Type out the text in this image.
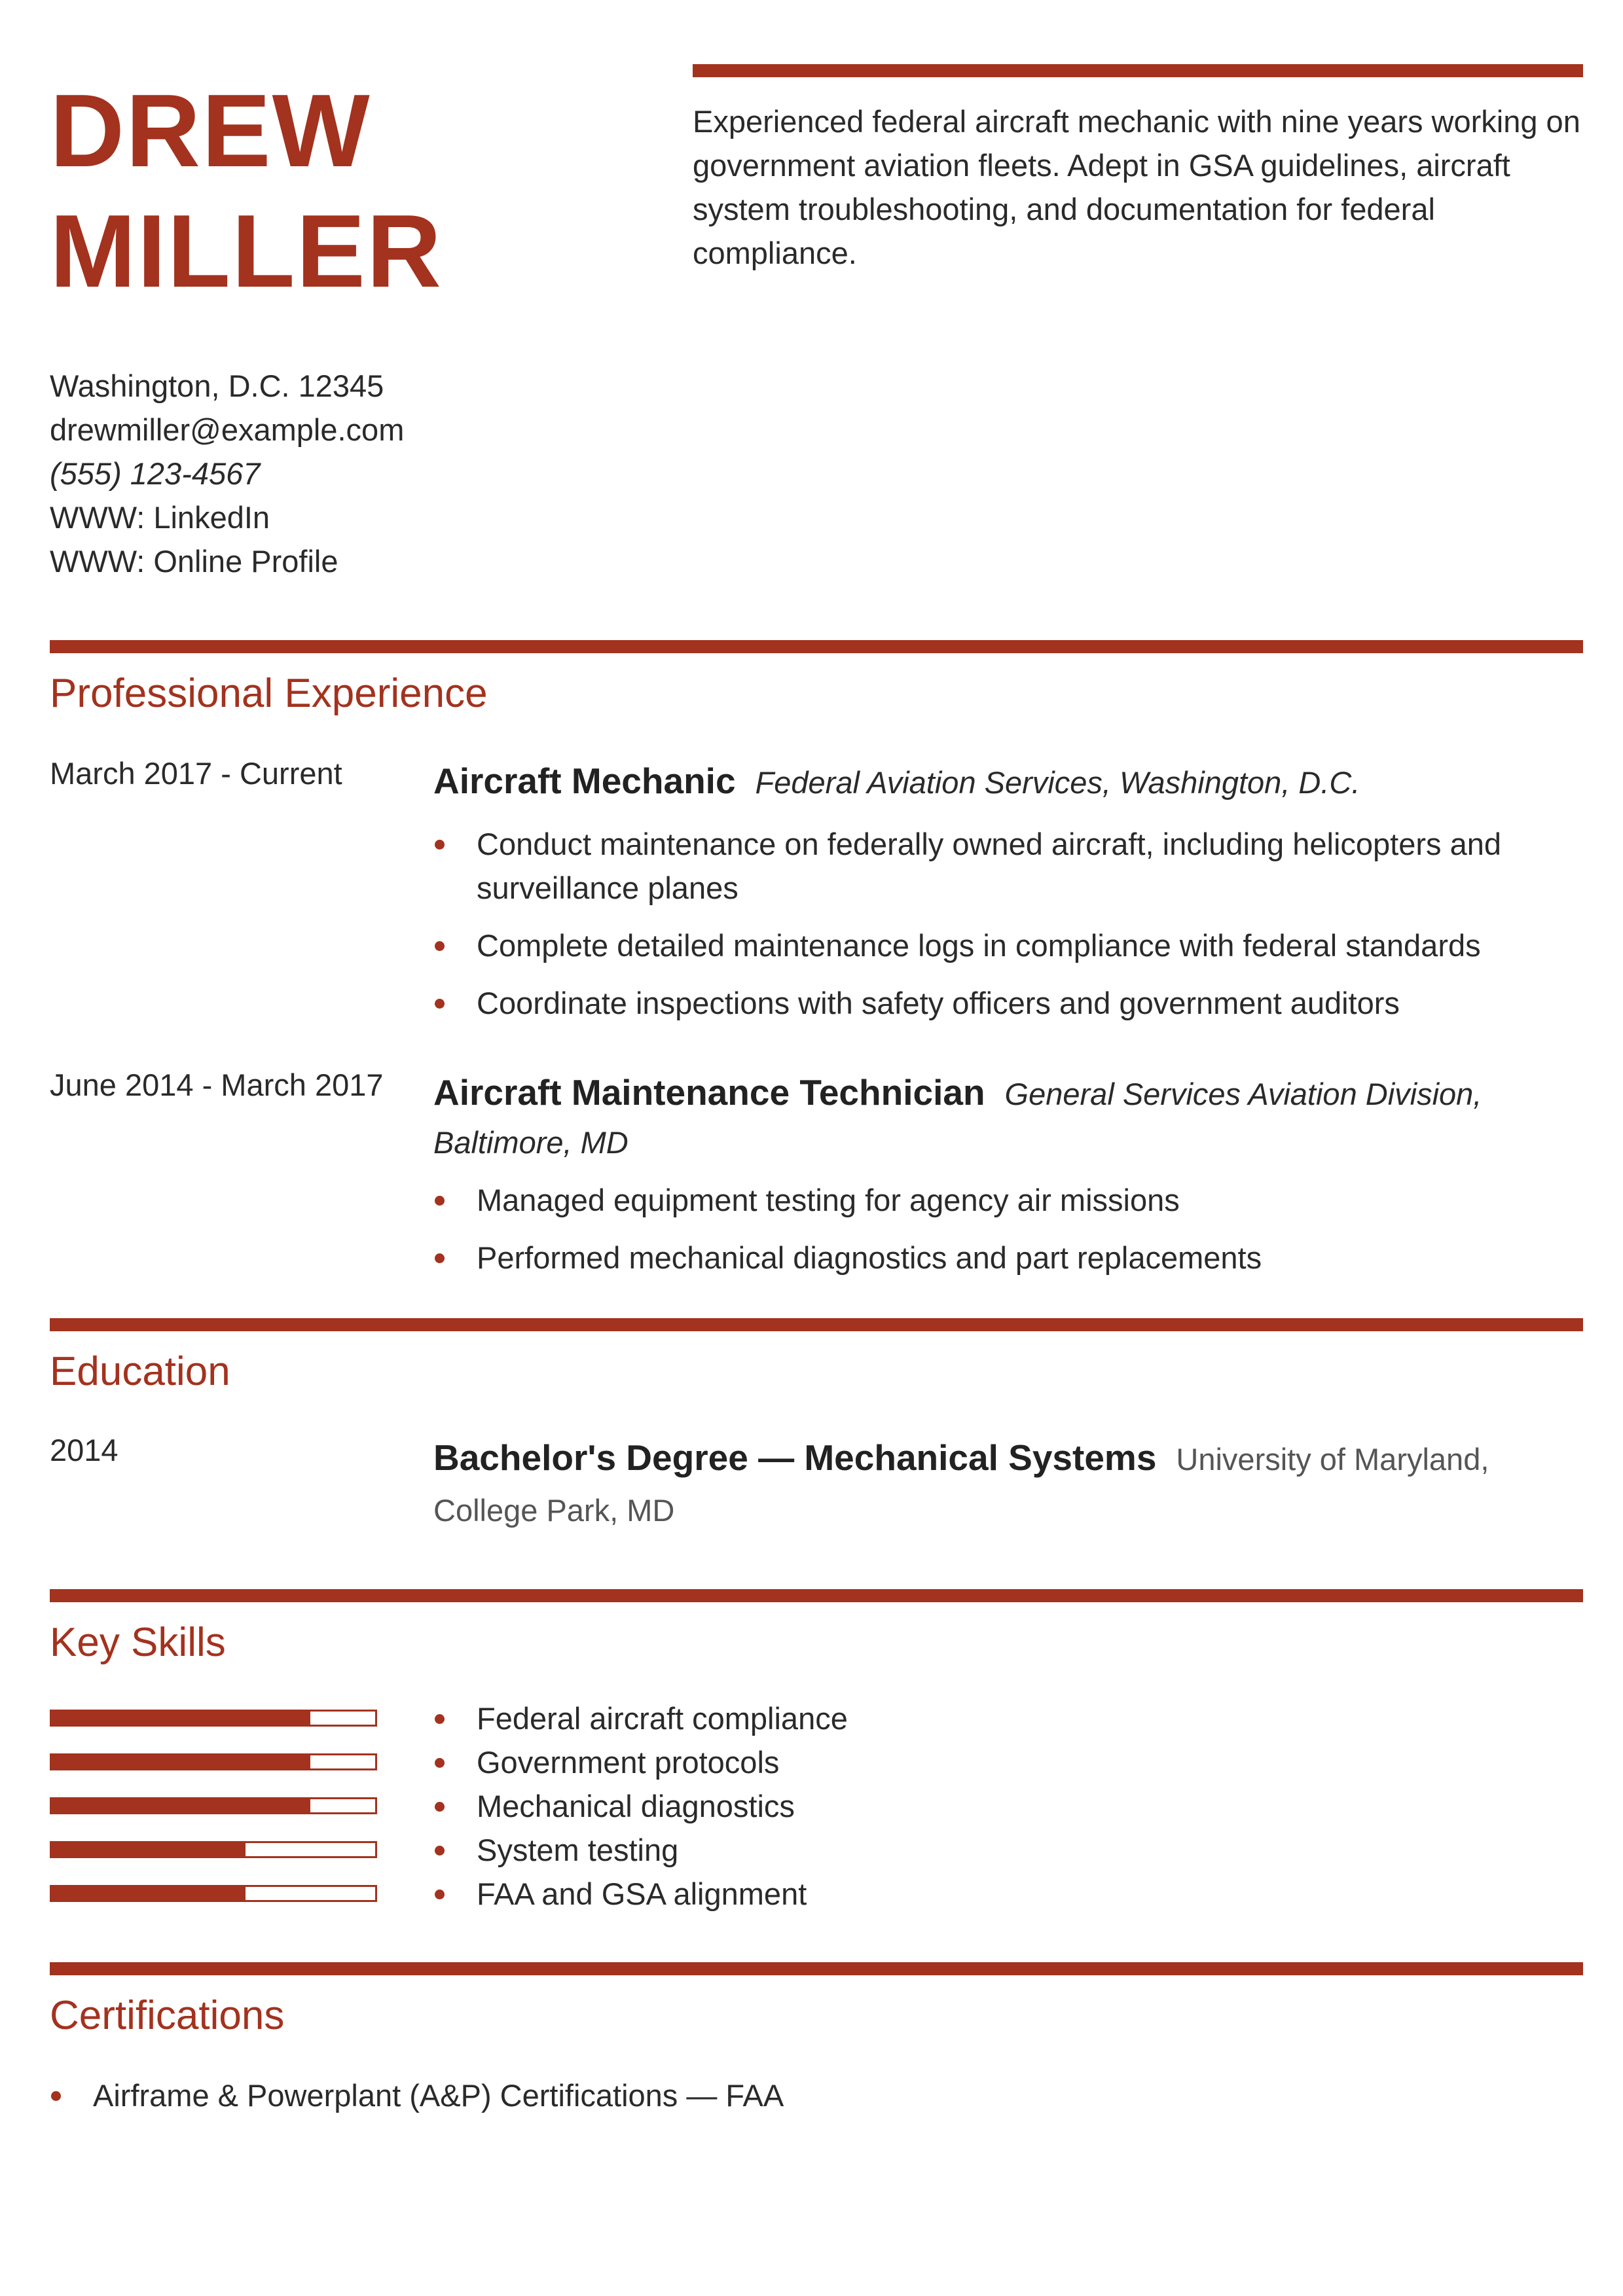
DREW
MILLER
Experienced federal aircraft mechanic with nine years working on government aviation fleets. Adept in GSA guidelines, aircraft system troubleshooting, and documentation for federal compliance.
Washington, D.C. 12345
drewmiller@example.com
(555) 123-4567
WWW: LinkedIn
WWW: Online Profile
Professional Experience
March 2017 - Current	Aircraft Mechanic Federal Aviation Services, Washington, D.C.
Conduct maintenance on federally owned aircraft, including helicopters and surveillance planes
Complete detailed maintenance logs in compliance with federal standards
Coordinate inspections with safety officers and government auditors
June 2014 - March 2017 Aircraft Maintenance Technician General Services Aviation Division, Baltimore, MD
Managed equipment testing for agency air missions
Performed mechanical diagnostics and part replacements
Education
2014	Bachelor's Degree — Mechanical Systems University of Maryland, College Park, MD
Key Skills
Federal aircraft compliance
Government protocols
Mechanical diagnostics
System testing
FAA and GSA alignment
Certifications
Airframe & Powerplant (A&P) Certifications — FAA
